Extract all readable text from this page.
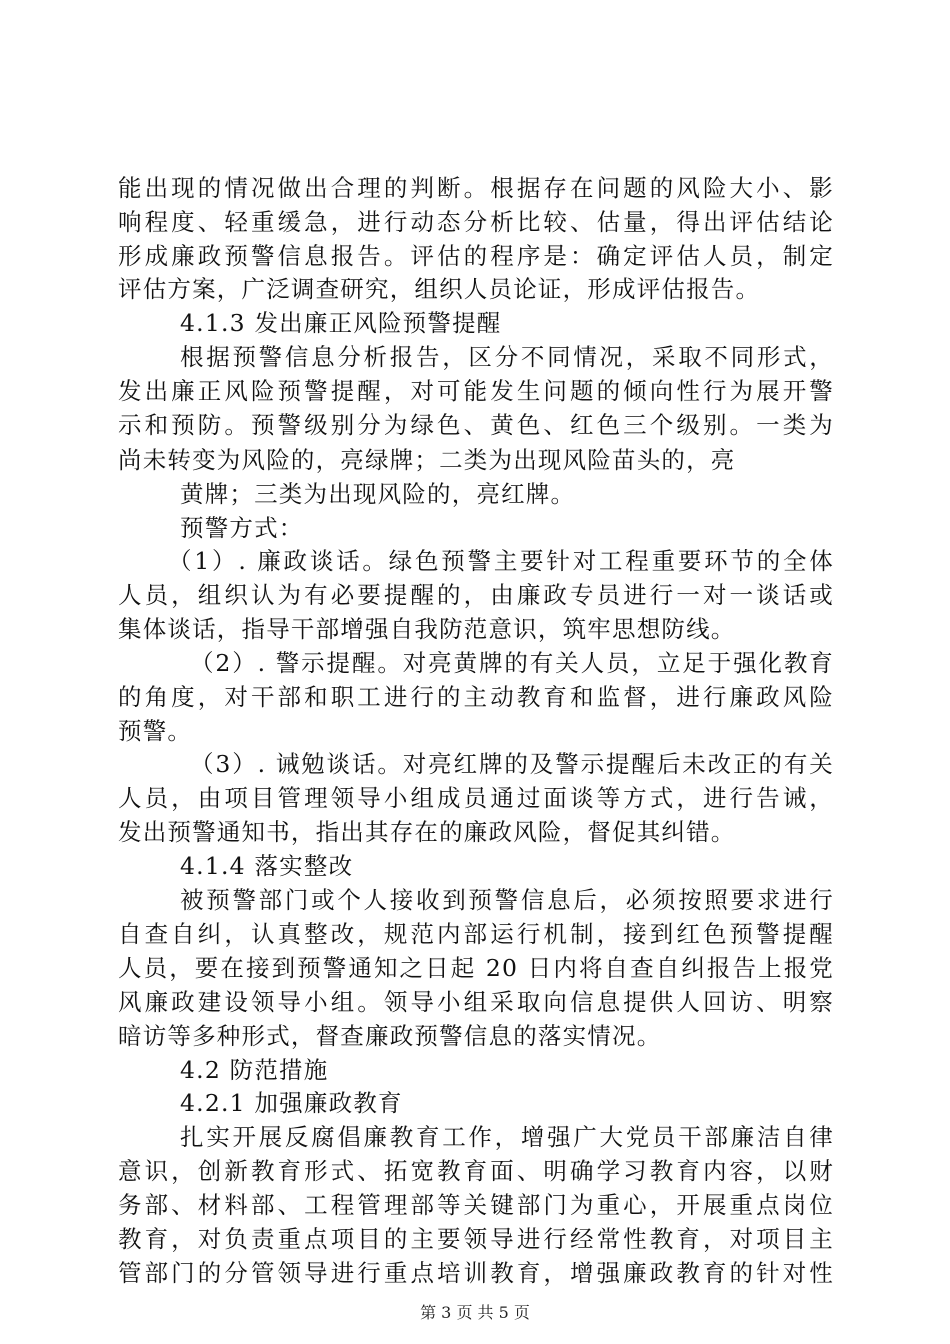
能出现的情况做出合理的判断。根据存在问题的风险大小、影
响程度、轻重缓急，进行动态分析比较、估量，得出评估结论
形成廉政预警信息报告。评估的程序是：确定评估人员，制定
评估方案，广泛调查研究，组织人员论证，形成评估报告。
4.1.3 发出廉正风险预警提醒
根据预警信息分析报告，区分不同情况，采取不同形式，
发出廉正风险预警提醒，对可能发生问题的倾向性行为展开警
示和预防。预警级别分为绿色、黄色、红色三个级别。一类为
尚未转变为风险的，亮绿牌；二类为出现风险苗头的，亮
黄牌；三类为出现风险的，亮红牌。
预警方式：
（1）. 廉政谈话。绿色预警主要针对工程重要环节的全体
人员，组织认为有必要提醒的，由廉政专员进行一对一谈话或
集体谈话，指导干部增强自我防范意识，筑牢思想防线。
（2）. 警示提醒。对亮黄牌的有关人员，立足于强化教育
的角度，对干部和职工进行的主动教育和监督，进行廉政风险
预警。
（3）. 诫勉谈话。对亮红牌的及警示提醒后未改正的有关
人员，由项目管理领导小组成员通过面谈等方式，进行告诫，
发出预警通知书，指出其存在的廉政风险，督促其纠错。
4.1.4 落实整改
被预警部门或个人接收到预警信息后，必须按照要求进行
自查自纠，认真整改，规范内部运行机制，接到红色预警提醒
人员，要在接到预警通知之日起 20 日内将自查自纠报告上报党
风廉政建设领导小组。领导小组采取向信息提供人回访、明察
暗访等多种形式，督查廉政预警信息的落实情况。
4.2 防范措施
4.2.1 加强廉政教育
扎实开展反腐倡廉教育工作，增强广大党员干部廉洁自律
意识，创新教育形式、拓宽教育面、明确学习教育内容，以财
务部、材料部、工程管理部等关键部门为重心，开展重点岗位
教育，对负责重点项目的主要领导进行经常性教育，对项目主
管部门的分管领导进行重点培训教育，增强廉政教育的针对性
第 3 页 共 5 页
